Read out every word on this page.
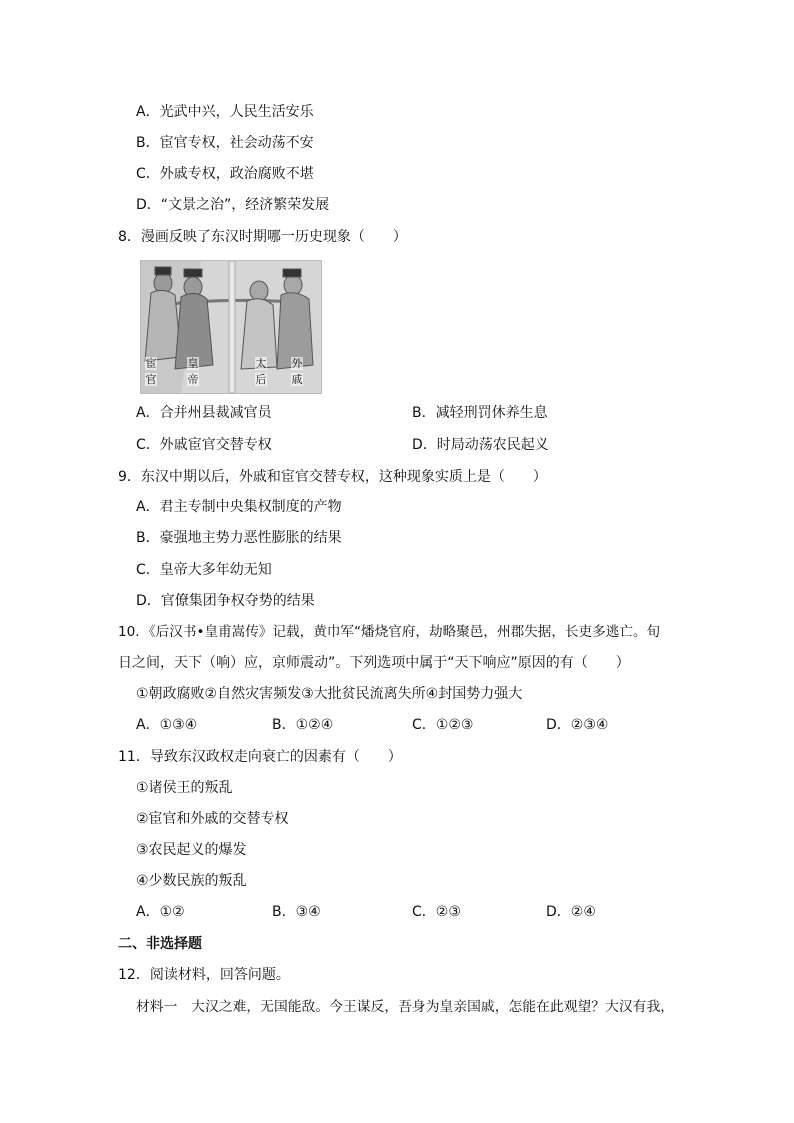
A．光武中兴，人民生活安乐
B．宦官专权，社会动荡不安
C．外戚专权，政治腐败不堪
D．“文景之治”，经济繁荣发展
8．漫画反映了东汉时期哪一历史现象（　　）
宦
官
皇
帝
太
后
外
戚
A．合并州县裁减官员	B．减轻刑罚休养生息
C．外戚宦官交替专权	D．时局动荡农民起义
9．东汉中期以后，外戚和宦官交替专权，这种现象实质上是（　　）
A．君主专制中央集权制度的产物
B．豪强地主势力恶性膨胀的结果
C．皇帝大多年幼无知
D．官僚集团争权夺势的结果
10．《后汉书•皇甫嵩传》记载，黄巾军“燔烧官府，劫略聚邑，州郡失据，长吏多逃亡。旬
日之间，天下（响）应，京师震动”。下列选项中属于“天下响应”原因的有（　　）
①朝政腐败②自然灾害频发③大批贫民流离失所④封国势力强大
A．①③④	B．①②④	C．①②③	D．②③④
11．导致东汉政权走向衰亡的因素有（　　）
①诸侯王的叛乱
②宦官和外戚的交替专权
③农民起义的爆发
④少数民族的叛乱
A．①②	B．③④	C．②③	D．②④
二、非选择题
12．阅读材料，回答问题。
材料一　大汉之难，无国能敌。今王谋反，吾身为皇亲国戚，怎能在此观望？大汉有我，
